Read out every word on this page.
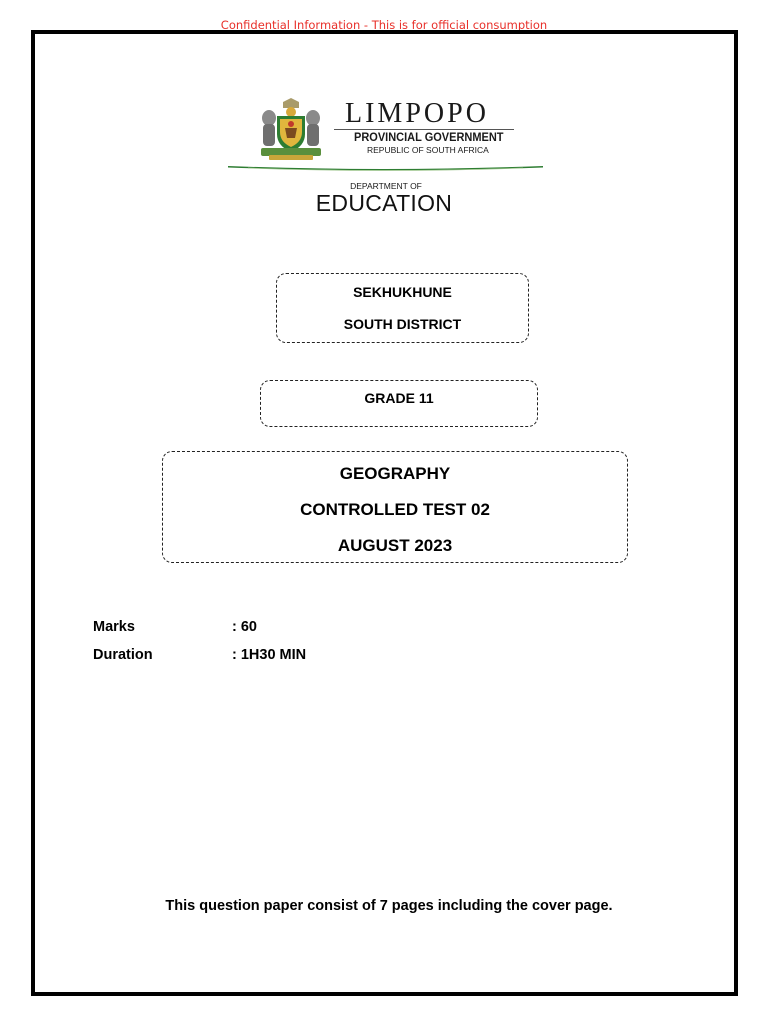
Confidential Information - This is for official consumption
LIMPOPO
PROVINCIAL GOVERNMENT
REPUBLIC OF SOUTH AFRICA
DEPARTMENT OF
EDUCATION
SEKHUKHUNE
SOUTH DISTRICT
GRADE 11
GEOGRAPHY
CONTROLLED TEST 02
AUGUST 2023
Marks	: 60
Duration	: 1H30 MIN
This question paper consist of 7 pages including the cover page.
